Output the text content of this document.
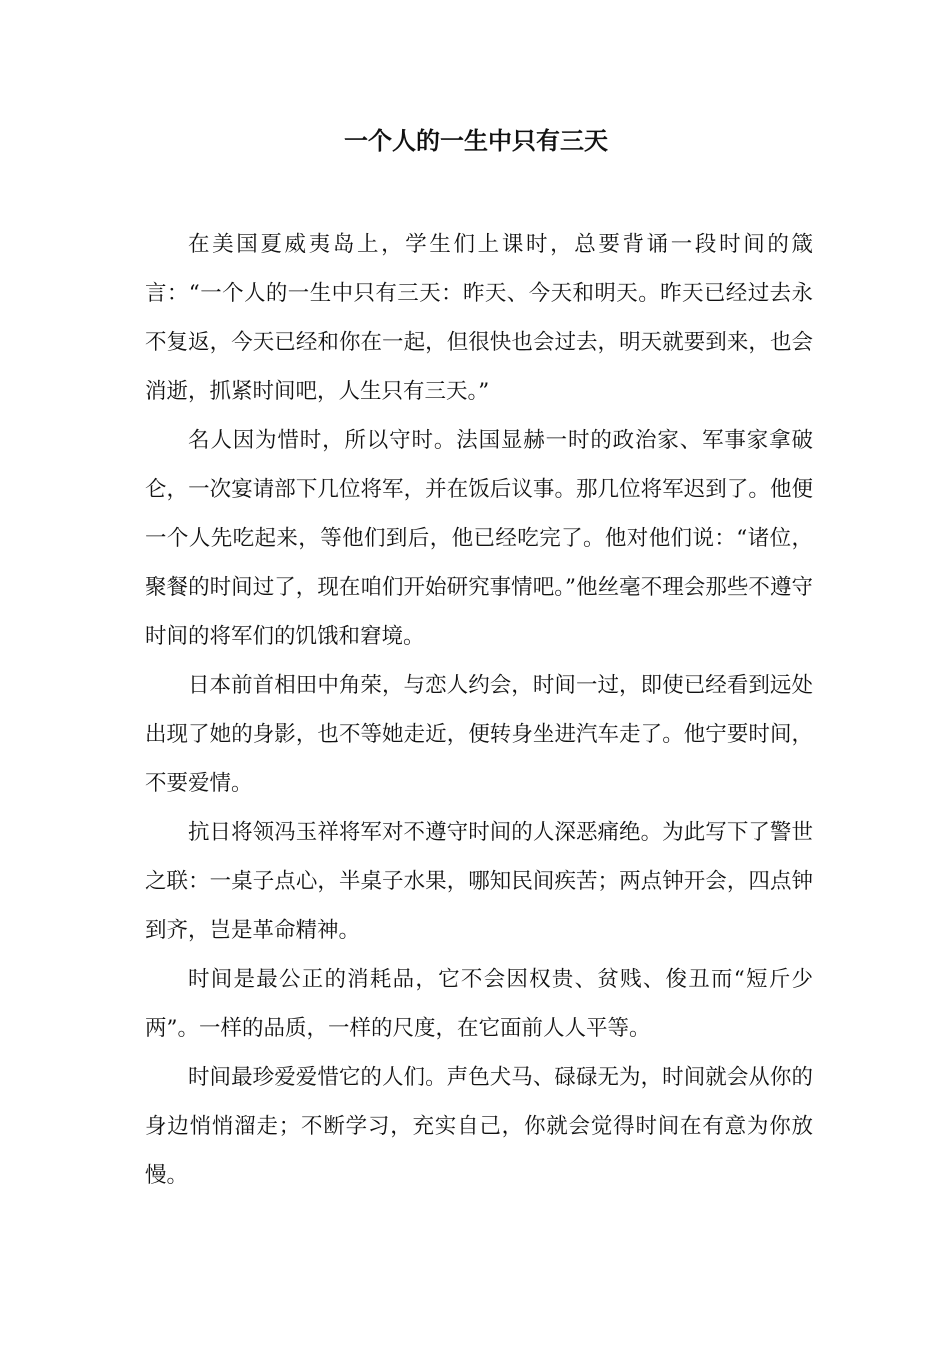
一个人的一生中只有三天

在美国夏威夷岛上，学生们上课时，总要背诵一段时间的箴言：“一个人的一生中只有三天：昨天、今天和明天。昨天已经过去永不复返，今天已经和你在一起，但很快也会过去，明天就要到来，也会消逝，抓紧时间吧，人生只有三天。”

名人因为惜时，所以守时。法国显赫一时的政治家、军事家拿破仑，一次宴请部下几位将军，并在饭后议事。那几位将军迟到了。他便一个人先吃起来，等他们到后，他已经吃完了。他对他们说：“诸位，聚餐的时间过了，现在咱们开始研究事情吧。”他丝毫不理会那些不遵守时间的将军们的饥饿和窘境。

日本前首相田中角荣，与恋人约会，时间一过，即使已经看到远处出现了她的身影，也不等她走近，便转身坐进汽车走了。他宁要时间，不要爱情。

抗日将领冯玉祥将军对不遵守时间的人深恶痛绝。为此写下了警世之联：一桌子点心，半桌子水果，哪知民间疾苦；两点钟开会，四点钟到齐，岂是革命精神。

时间是最公正的消耗品，它不会因权贵、贫贱、俊丑而“短斤少两”。一样的品质，一样的尺度，在它面前人人平等。

时间最珍爱爱惜它的人们。声色犬马、碌碌无为，时间就会从你的身边悄悄溜走；不断学习，充实自己，你就会觉得时间在有意为你放慢。
